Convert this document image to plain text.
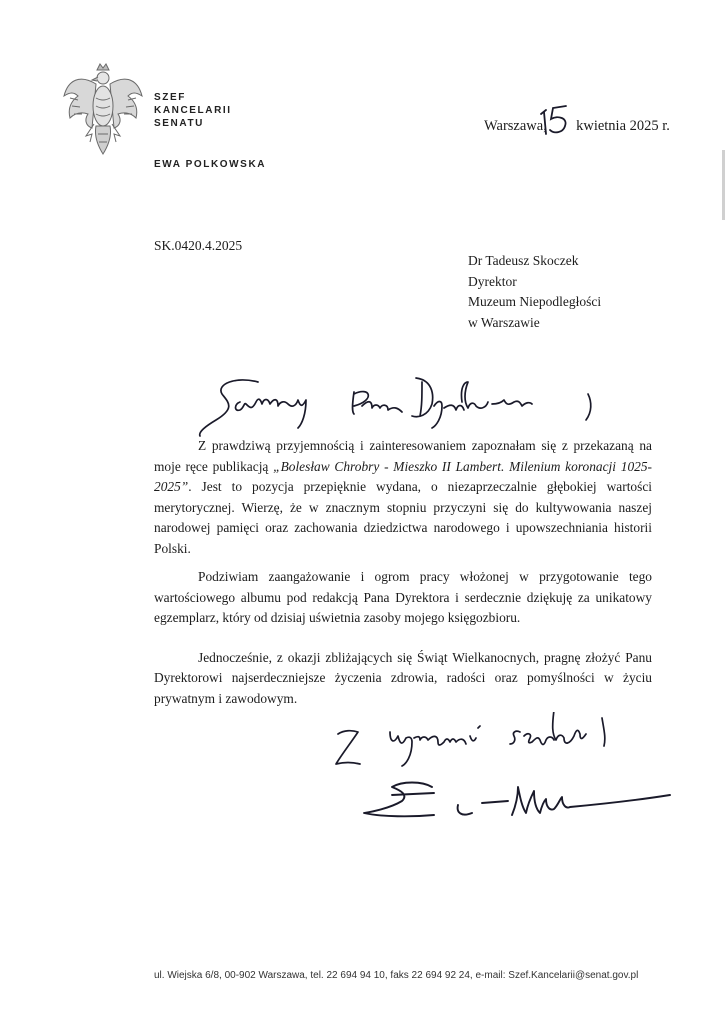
SZEF
KANCELARII
SENATU
EWA POLKOWSKA
Warszawa, kwietnia 2025 r.
SK.0420.4.2025
Dr Tadeusz Skoczek
Dyrektor
Muzeum Niepodległości
w Warszawie

Z prawdziwą przyjemnością i zainteresowaniem zapoznałam się z przekazaną na moje ręce publikacją „Bolesław Chrobry - Mieszko II Lambert. Milenium koronacji 1025-2025”. Jest to pozycja przepięknie wydana, o niezaprzeczalnie głębokiej wartości merytorycznej. Wierzę, że w znacznym stopniu przyczyni się do kultywowania naszej narodowej pamięci oraz zachowania dziedzictwa narodowego i upowszechniania historii Polski.

Podziwiam zaangażowanie i ogrom pracy włożonej w przygotowanie tego wartościowego albumu pod redakcją Pana Dyrektora i serdecznie dziękuję za unikatowy egzemplarz, który od dzisiaj uświetnia zasoby mojego księgozbioru.

Jednocześnie, z okazji zbliżających się Świąt Wielkanocnych, pragnę złożyć Panu Dyrektorowi najserdeczniejsze życzenia zdrowia, radości oraz pomyślności w życiu prywatnym i zawodowym.

ul. Wiejska 6/8, 00-902 Warszawa, tel. 22 694 94 10, faks 22 694 92 24, e-mail: Szef.Kancelarii@senat.gov.pl
